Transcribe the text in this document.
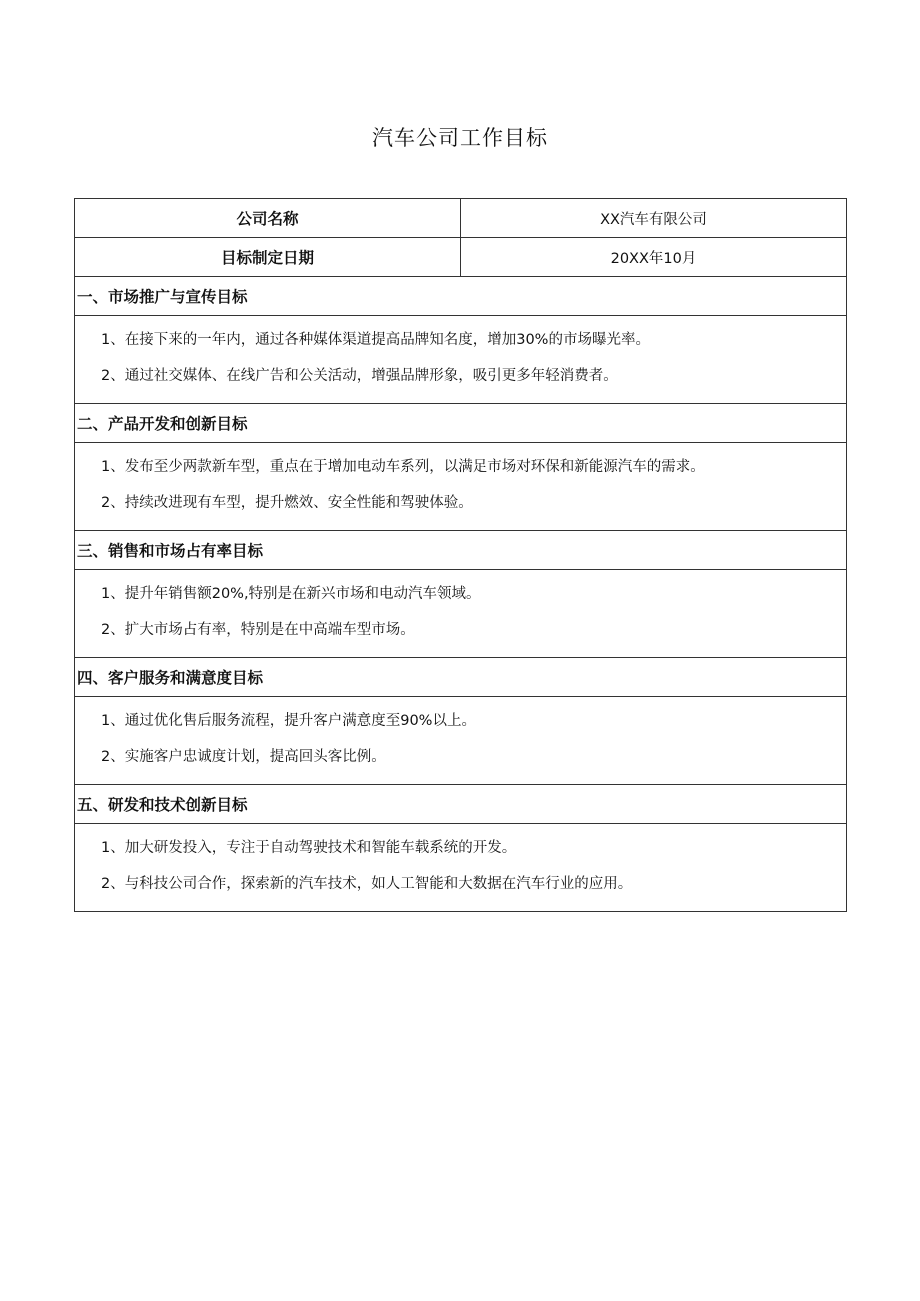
汽车公司工作目标
公司名称	XX汽车有限公司
目标制定日期	20XX年10月
一、市场推广与宣传目标	

1、在接下来的一年内，通过各种媒体渠道提高品牌知名度，增加30%的市场曝光率。
2、通过社交媒体、在线广告和公关活动，增强品牌形象，吸引更多年轻消费者。	

二、产品开发和创新目标	

1、发布至少两款新车型，重点在于增加电动车系列，以满足市场对环保和新能源汽车的需求。
2、持续改进现有车型，提升燃效、安全性能和驾驶体验。	

三、销售和市场占有率目标	

1、提升年销售额20%,特别是在新兴市场和电动汽车领域。
2、扩大市场占有率，特别是在中高端车型市场。	

四、客户服务和满意度目标	

1、通过优化售后服务流程，提升客户满意度至90%以上。
2、实施客户忠诚度计划，提高回头客比例。	

五、研发和技术创新目标	

1、加大研发投入，专注于自动驾驶技术和智能车载系统的开发。
2、与科技公司合作，探索新的汽车技术，如人工智能和大数据在汽车行业的应用。	
